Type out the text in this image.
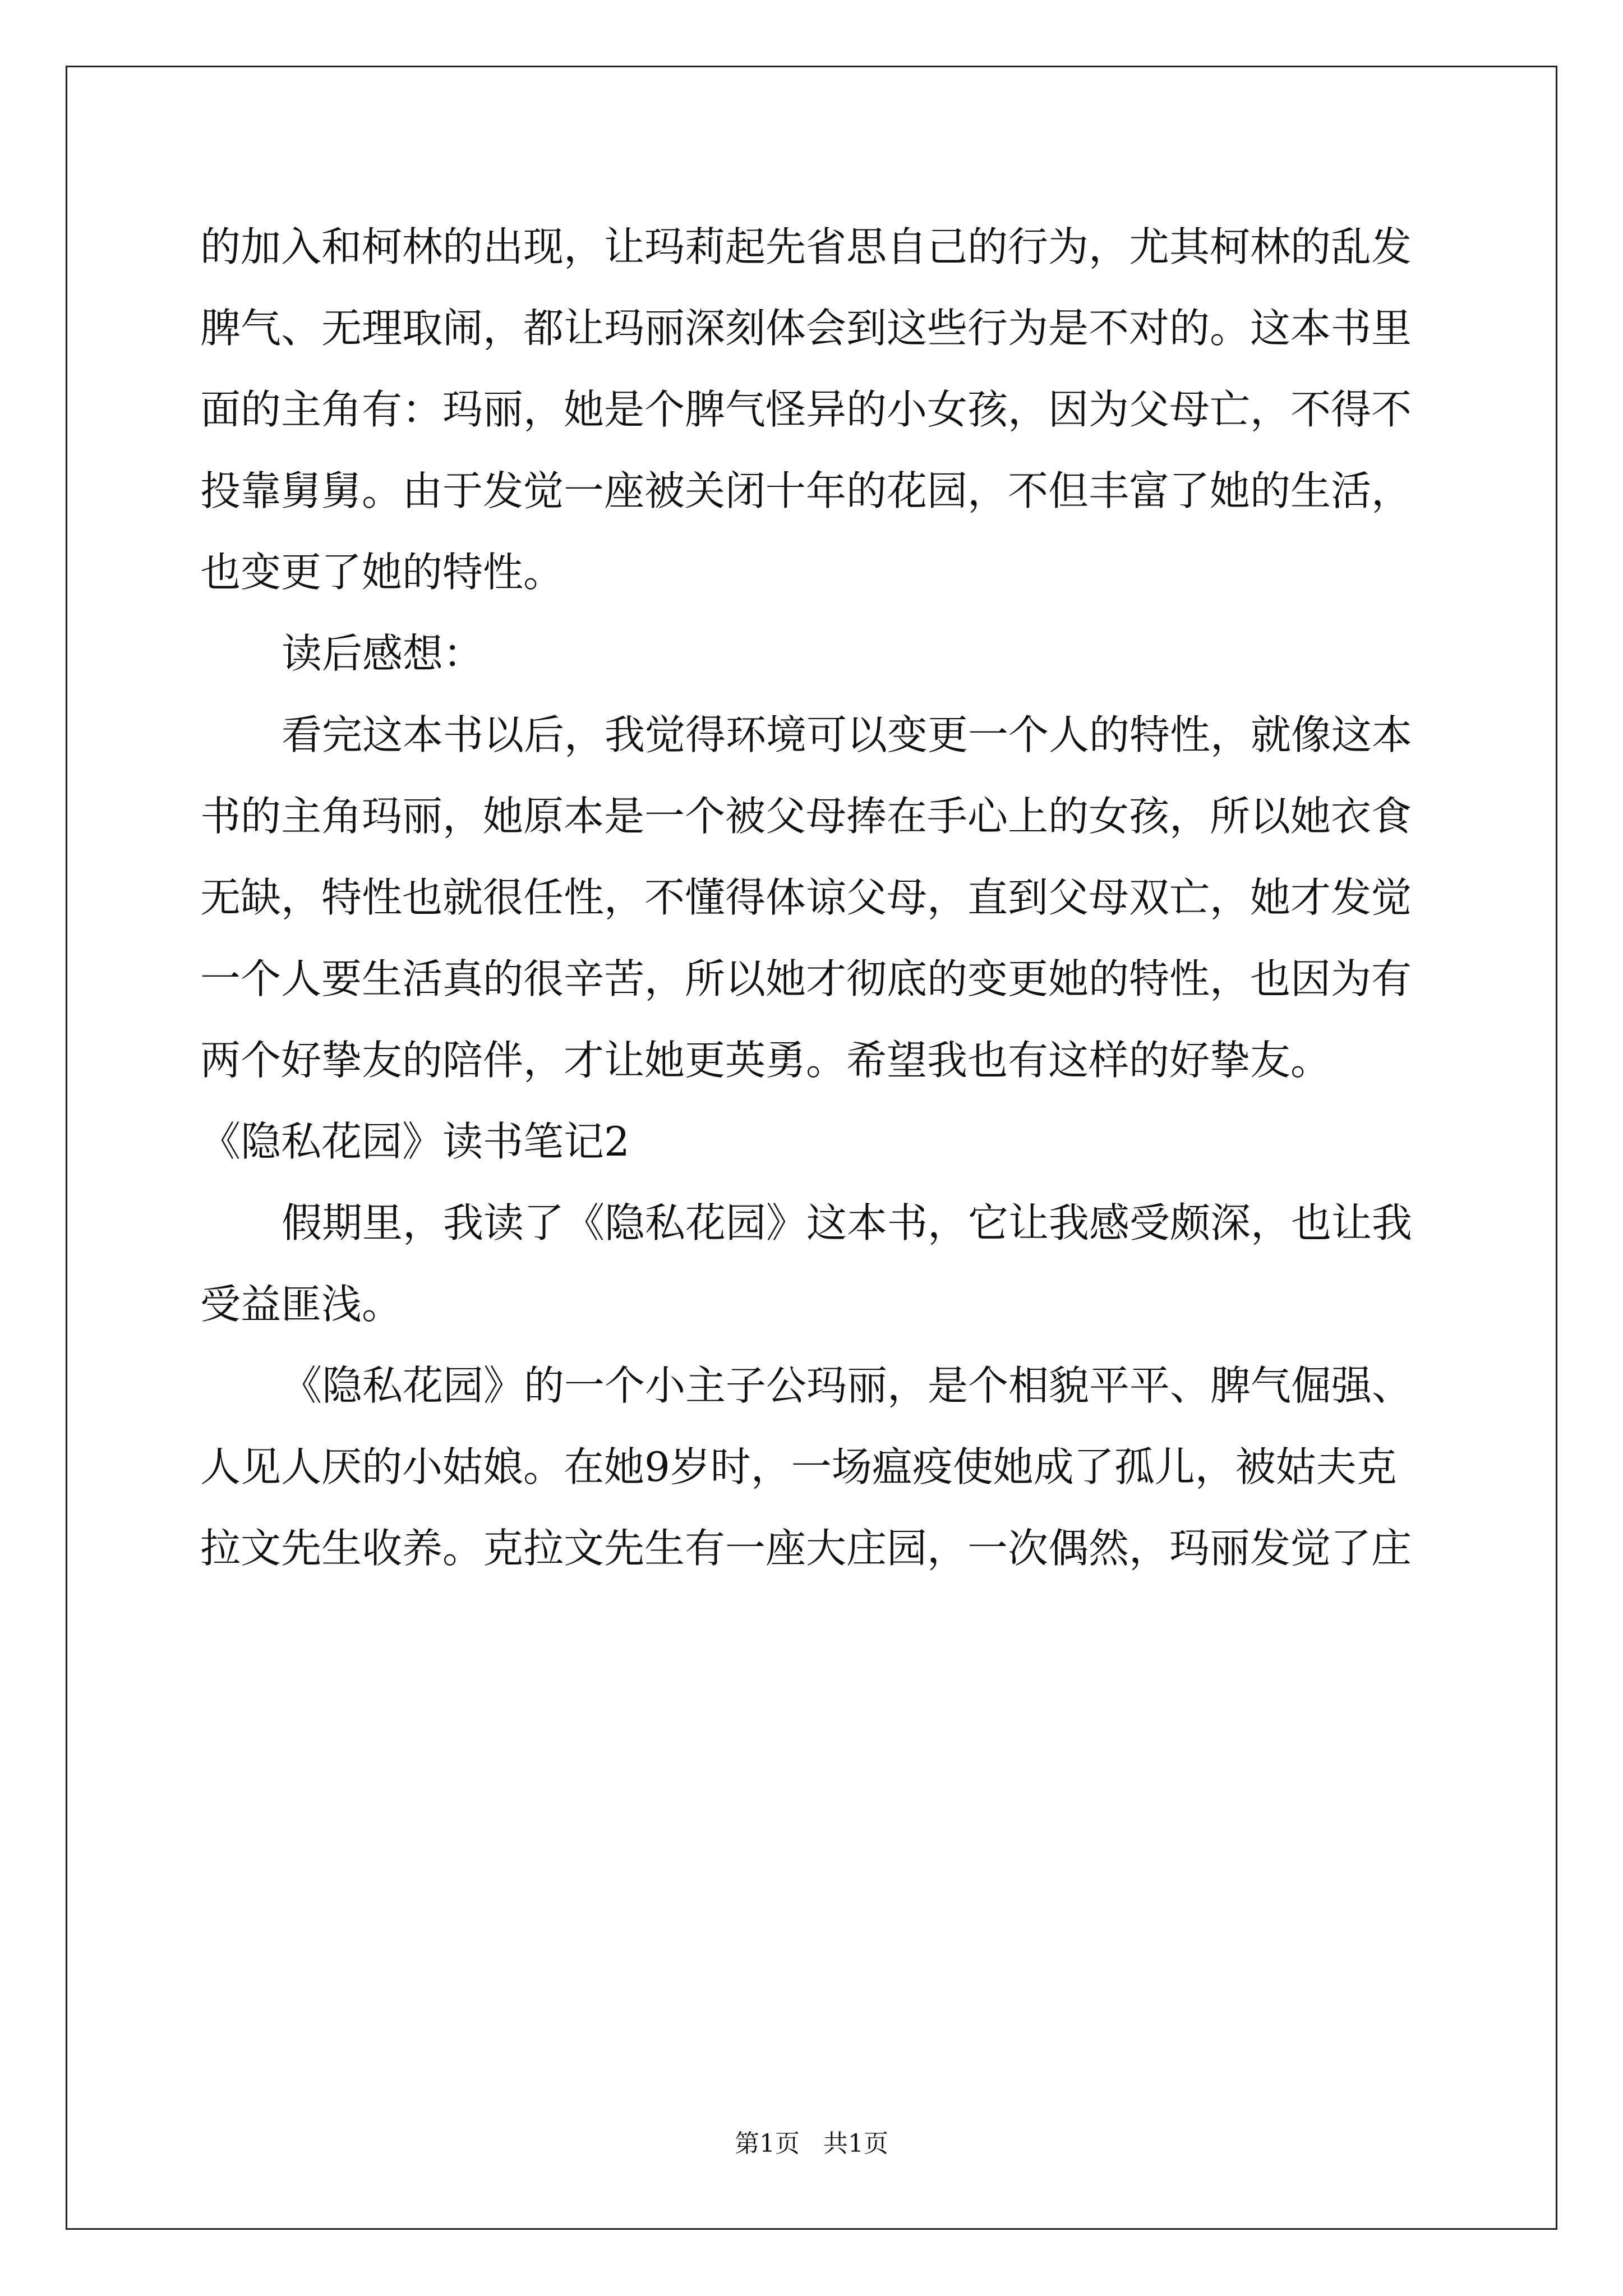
的加入和柯林的出现，让玛莉起先省思自己的行为，尤其柯林的乱发
脾气、无理取闹，都让玛丽深刻体会到这些行为是不对的。这本书里
面的主角有：玛丽，她是个脾气怪异的小女孩，因为父母亡，不得不
投靠舅舅。由于发觉一座被关闭十年的花园，不但丰富了她的生活，
也变更了她的特性。
读后感想：
看完这本书以后，我觉得环境可以变更一个人的特性，就像这本
书的主角玛丽，她原本是一个被父母捧在手心上的女孩，所以她衣食
无缺，特性也就很任性，不懂得体谅父母，直到父母双亡，她才发觉
一个人要生活真的很辛苦，所以她才彻底的变更她的特性，也因为有
两个好挚友的陪伴，才让她更英勇。希望我也有这样的好挚友。
《隐私花园》读书笔记2
假期里，我读了《隐私花园》这本书，它让我感受颇深，也让我
受益匪浅。
《隐私花园》的一个小主子公玛丽，是个相貌平平、脾气倔强、
人见人厌的小姑娘。在她9岁时，一场瘟疫使她成了孤儿，被姑夫克
拉文先生收养。克拉文先生有一座大庄园，一次偶然，玛丽发觉了庄
第1页   共1页
